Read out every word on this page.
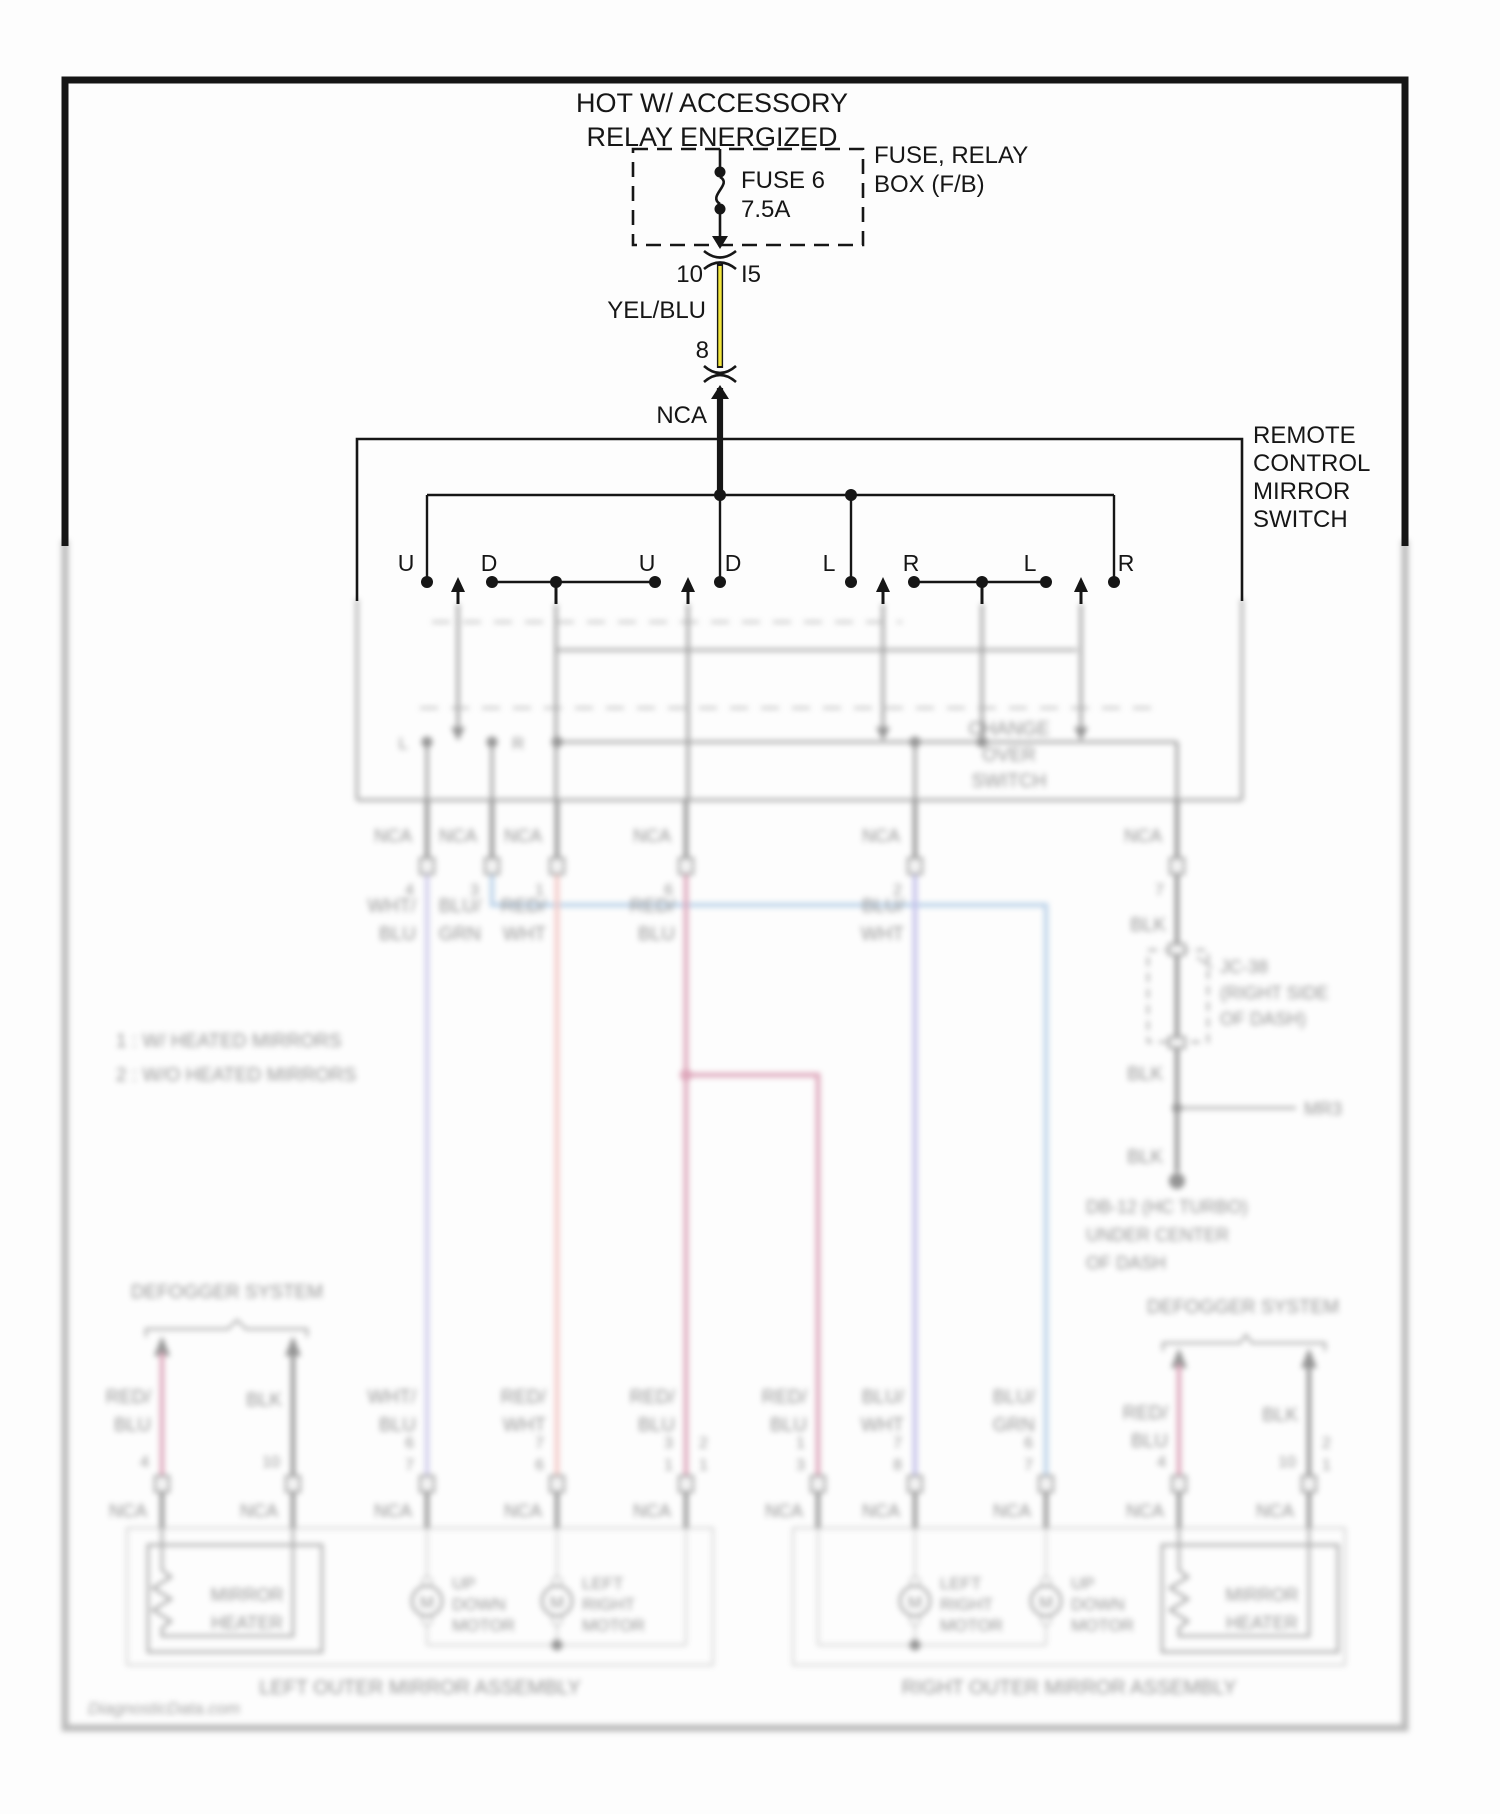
CHANGE
OVER
SWITCH
L	R
NCA NCA NCA	NCA	NCA	NCA
4	3	1	6	2	7
WHT/
BLU
BLU/
GRN
RED/
WHT
RED/
BLU
BLU/
WHT	BLK
BLK
BLK
JC-38
(RIGHT SIDE
OF DASH)
MR3
DB-12 (HC TURBO)
UNDER CENTER
OF DASH
1 : W/ HEATED MIRRORS
2 : W/O HEATED MIRRORS
DEFOGGER SYSTEM
DEFOGGER SYSTEM
RED/
BLU
BLK
4	10
RED/
BLU
BLK
4	10
WHT/
BLU
RED/
WHT
RED/
BLU
RED/
BLU
BLU/
WHT
BLU/
GRN
6
7
7
6
3
1
2
1
1
3
7
8
6
7
2
1
NCA	NCA	NCA	NCA	NCA	NCA	NCA	NCA	NCA	NCA
MIRROR
HEATER
M	M
UP
DOWN
MOTOR
LEFT
RIGHT
MOTOR
M	M
LEFT
RIGHT
MOTOR
UP
DOWN
MOTOR
MIRROR
HEATER
LEFT OUTER MIRROR ASSEMBLY	RIGHT OUTER MIRROR ASSEMBLY
DiagnosticData.com
HOT W/ ACCESSORY
RELAY ENERGIZED
FUSE 6
7.5A
FUSE, RELAY
BOX (F/B)
10 I5
YEL/BLU
8
NCA
REMOTE
CONTROL
MIRROR
SWITCH
U	D	U	D	L	R	L	R
